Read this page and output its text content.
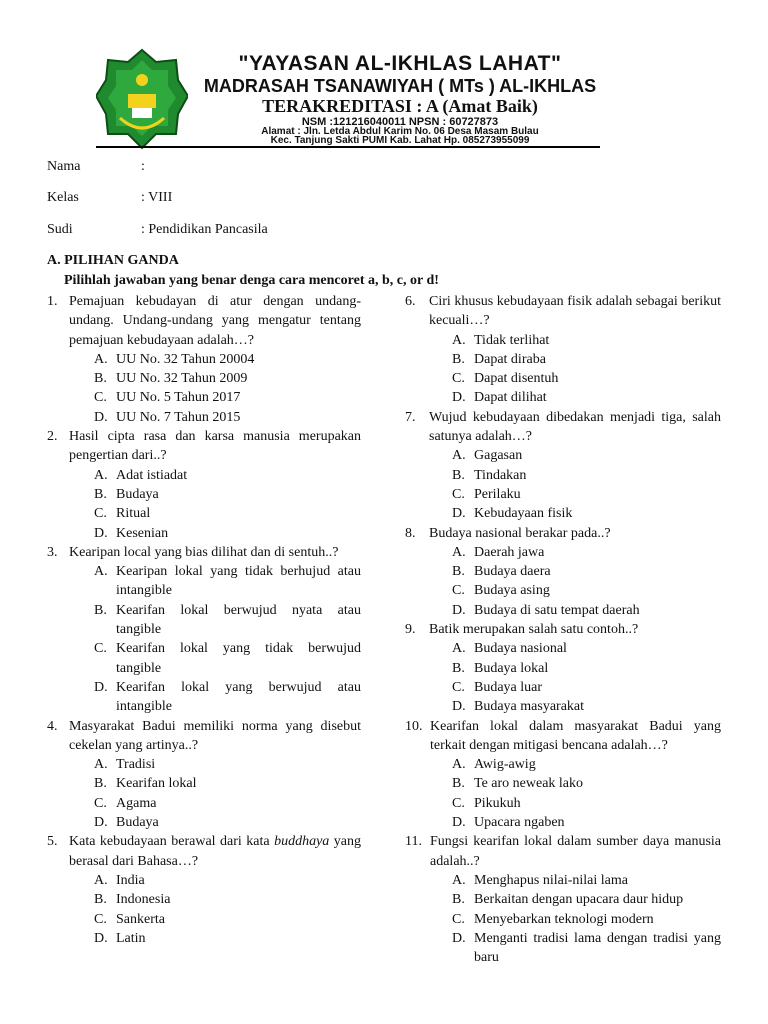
"YAYASAN AL-IKHLAS LAHAT"
MADRASAH TSANAWIYAH ( MTs ) AL-IKHLAS
TERAKREDITASI : A (Amat Baik)
NSM :121216040011 NPSN : 60727873
Alamat : Jln. Letda Abdul Karim No. 06 Desa Masam Bulau
Kec. Tanjung Sakti PUMI Kab. Lahat Hp. 085273955099
Nama	:
Kelas	: VIII
Sudi	: Pendidikan Pancasila
A. PILIHAN GANDA
Pilihlah jawaban yang benar denga cara mencoret a, b, c, or d!
1. Pemajuan kebudayan di atur dengan undang-undang. Undang-undang yang mengatur tentang pemajuan kebudayaan adalah…?
A. UU No. 32 Tahun 20004
B. UU No. 32 Tahun 2009
C. UU No. 5 Tahun 2017
D. UU No. 7 Tahun 2015
2. Hasil cipta rasa dan karsa manusia merupakan pengertian dari..?
A. Adat istiadat
B. Budaya
C. Ritual
D. Kesenian
3. Kearipan local yang bias dilihat dan di sentuh..?
A. Kearipan lokal yang tidak berhujud atau intangible
B. Kearifan lokal berwujud nyata atau tangible
C. Kearifan lokal yang tidak berwujud tangible
D. Kearifan lokal yang berwujud atau intangible
4. Masyarakat Badui memiliki norma yang disebut cekelan yang artinya..?
A. Tradisi
B. Kearifan lokal
C. Agama
D. Budaya
5. Kata kebudayaan berawal dari kata buddhaya yang berasal dari Bahasa…?
A. India
B. Indonesia
C. Sankerta
D. Latin
6. Ciri khusus kebudayaan fisik adalah sebagai berikut kecuali…?
A. Tidak terlihat
B. Dapat diraba
C. Dapat disentuh
D. Dapat dilihat
7. Wujud kebudayaan dibedakan menjadi tiga, salah satunya adalah…?
A. Gagasan
B. Tindakan
C. Perilaku
D. Kebudayaan fisik
8. Budaya nasional berakar pada..?
A. Daerah jawa
B. Budaya daera
C. Budaya asing
D. Budaya di satu tempat daerah
9. Batik merupakan salah satu contoh..?
A. Budaya nasional
B. Budaya lokal
C. Budaya luar
D. Budaya masyarakat
10. Kearifan lokal dalam masyarakat Badui yang terkait dengan mitigasi bencana adalah…?
A. Awig-awig
B. Te aro neweak lako
C. Pikukuh
D. Upacara ngaben
11. Fungsi kearifan lokal dalam sumber daya manusia adalah..?
A. Menghapus nilai-nilai lama
B. Berkaitan dengan upacara daur hidup
C. Menyebarkan teknologi modern
D. Menganti tradisi lama dengan tradisi yang baru
